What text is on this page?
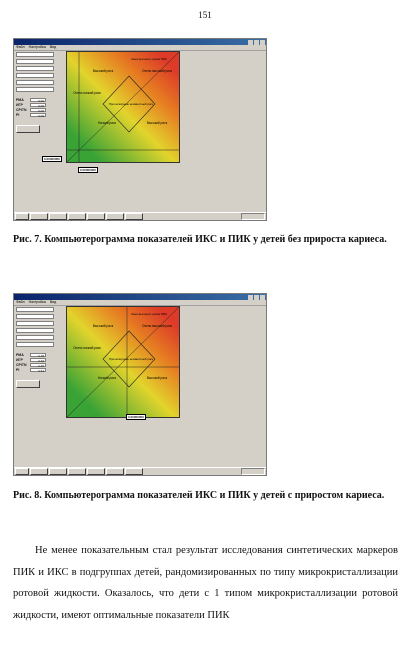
151
Файл Настройка Вид
РМА	0.00
ИГР	0.00
CPITN	0.00
РI	0.00
Зона высокого риска ПИК
Высокий риск	Очень высокий риск
Очень низкий риск
Прогнозируемо неизвестный риск
Низкий риск	Высокий риск
0.00000000
0.00000000
Рис. 7. Компьютерограмма показателей ИКС и ПИК у детей без прироста кариеса.
Файл Настройка Вид
РМА	0.78
ИГР	3.40
CPITN	2.46
РI	0.64
Зона высокого риска ПИК
Высокий риск	Очень высокий риск
Очень низкий риск
Прогнозируемо неизвестный риск
Низкий риск	Высокий риск
0.00000000
Рис. 8. Компьютерограмма показателей ИКС и ПИК у детей с приростом кариеса.

Не менее показательным стал результат исследования синтетических маркеров ПИК и ИКС в подгруппах детей, рандомизированных по типу микрокристаллизации ротовой жидкости. Оказалось, что дети с 1 типом микрокристаллизации ротовой жидкости, имеют оптимальные показатели ПИК
